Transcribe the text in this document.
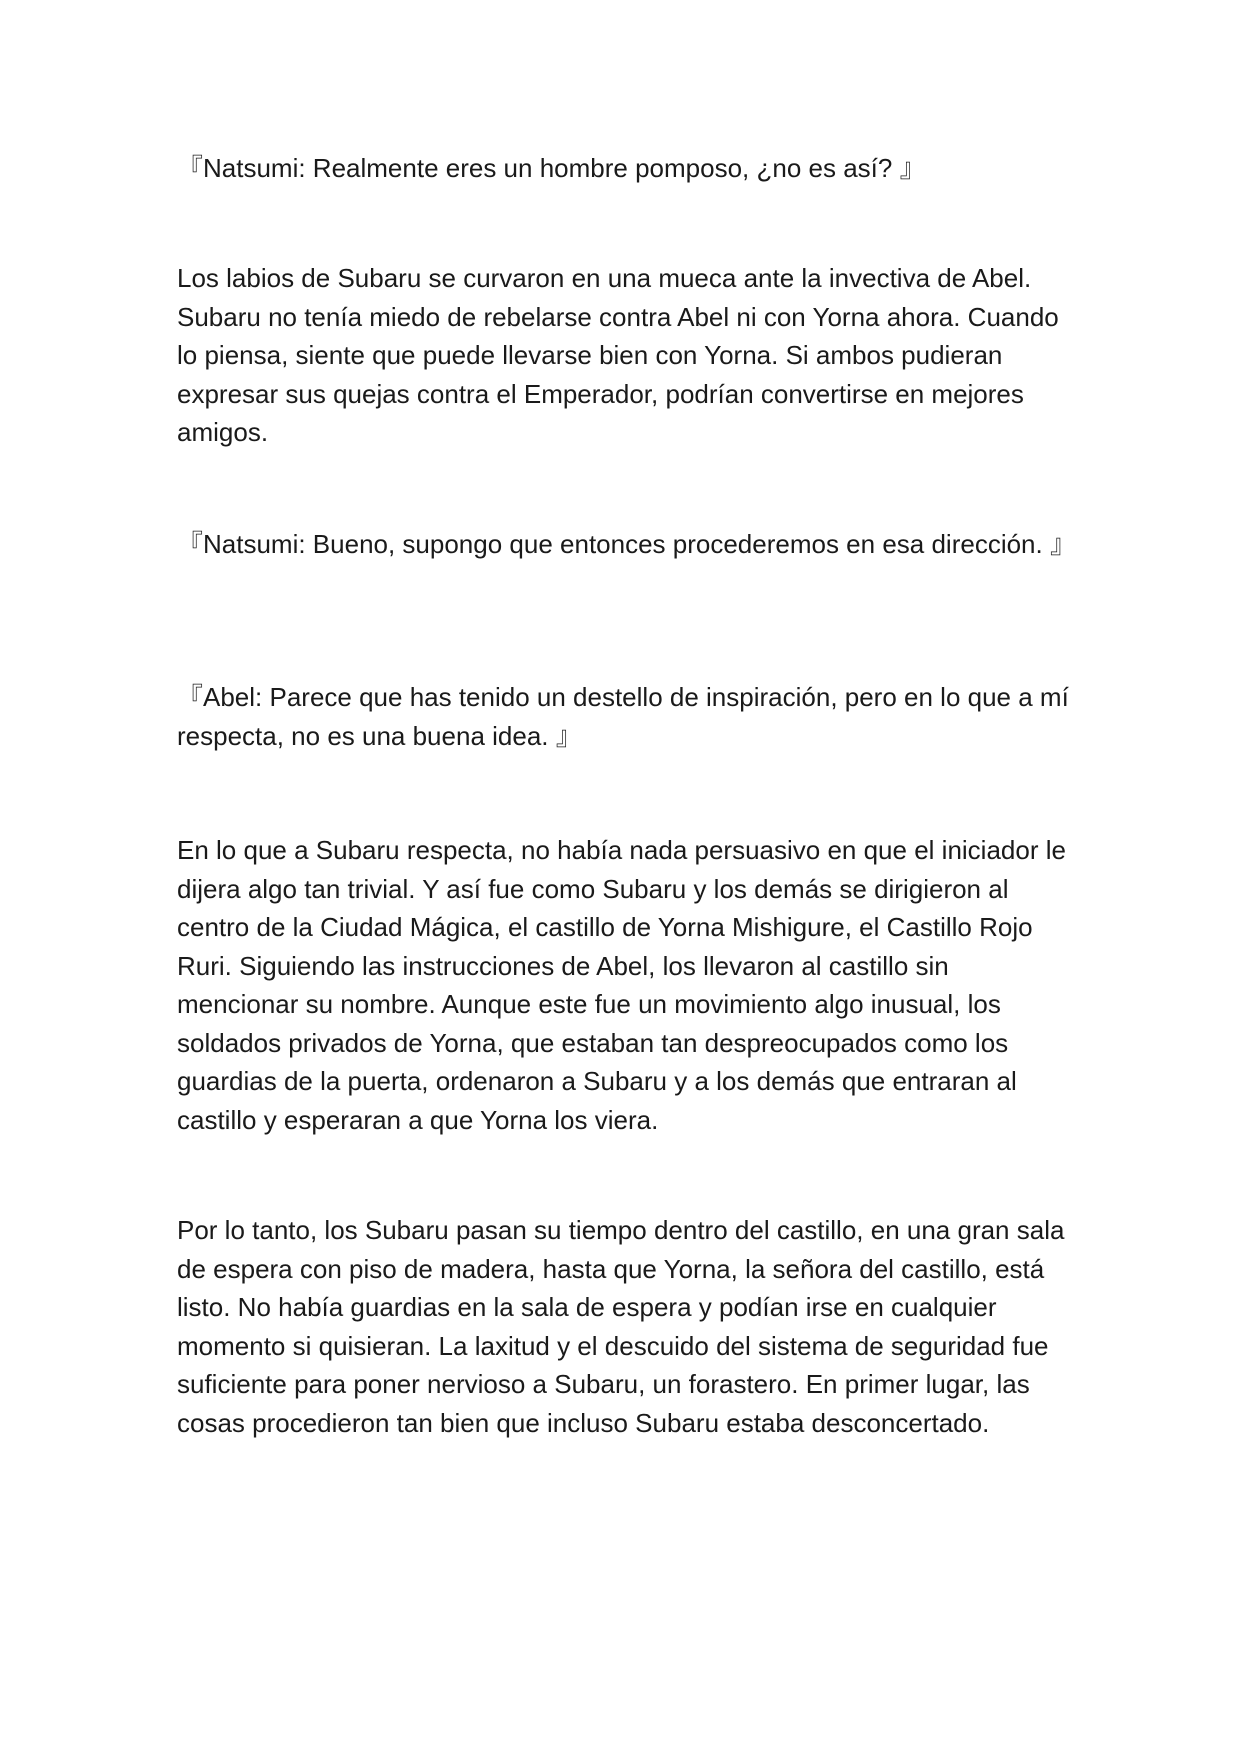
『Natsumi: Realmente eres un hombre pomposo, ¿no es así? 』

Los labios de Subaru se curvaron en una mueca ante la invectiva de Abel. Subaru no tenía miedo de rebelarse contra Abel ni con Yorna ahora. Cuando lo piensa, siente que puede llevarse bien con Yorna. Si ambos pudieran expresar sus quejas contra el Emperador, podrían convertirse en mejores amigos.

『Natsumi: Bueno, supongo que entonces procederemos en esa dirección. 』

『Abel: Parece que has tenido un destello de inspiración, pero en lo que a mí respecta, no es una buena idea. 』

En lo que a Subaru respecta, no había nada persuasivo en que el iniciador le dijera algo tan trivial. Y así fue como Subaru y los demás se dirigieron al centro de la Ciudad Mágica, el castillo de Yorna Mishigure, el Castillo Rojo Ruri. Siguiendo las instrucciones de Abel, los llevaron al castillo sin mencionar su nombre. Aunque este fue un movimiento algo inusual, los soldados privados de Yorna, que estaban tan despreocupados como los guardias de la puerta, ordenaron a Subaru y a los demás que entraran al castillo y esperaran a que Yorna los viera.

Por lo tanto, los Subaru pasan su tiempo dentro del castillo, en una gran sala de espera con piso de madera, hasta que Yorna, la señora del castillo, está listo. No había guardias en la sala de espera y podían irse en cualquier momento si quisieran. La laxitud y el descuido del sistema de seguridad fue suficiente para poner nervioso a Subaru, un forastero. En primer lugar, las cosas procedieron tan bien que incluso Subaru estaba desconcertado.
